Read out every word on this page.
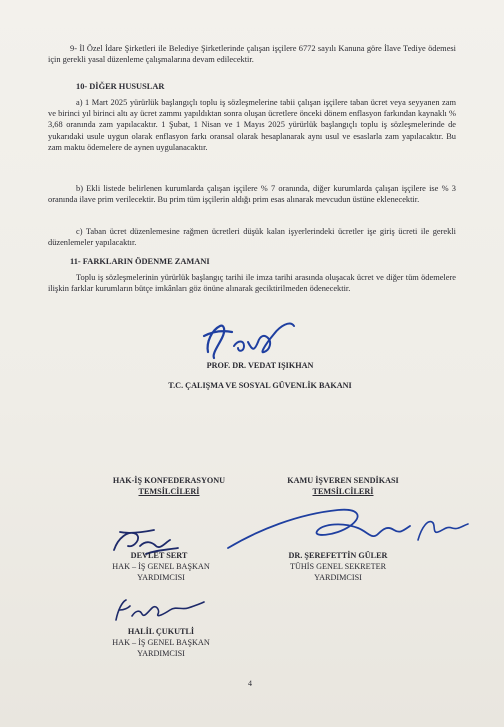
9- İl Özel İdare Şirketleri ile Belediye Şirketlerinde çalışan işçilere 6772 sayılı Kanuna göre İlave Tediye ödemesi için gerekli yasal düzenleme çalışmalarına devam edilecektir.
10- DİĞER HUSUSLAR
a) 1 Mart 2025 yürürlük başlangıçlı toplu iş sözleşmelerine tabii çalışan işçilere taban ücret veya seyyanen zam ve birinci yıl birinci altı ay ücret zammı yapıldıktan sonra oluşan ücretlere önceki dönem enflasyon farkından kaynaklı % 3,68 oranında zam yapılacaktır. 1 Şubat, 1 Nisan ve 1 Mayıs 2025 yürürlük başlangıçlı toplu iş sözleşmelerinde de yukarıdaki usule uygun olarak enflasyon farkı oransal olarak hesaplanarak aynı usul ve esaslarla zam yapılacaktır. Bu zam maktu ödemelere de aynen uygulanacaktır.
b) Ekli listede belirlenen kurumlarda çalışan işçilere % 7 oranında, diğer kurumlarda çalışan işçilere ise % 3 oranında ilave prim verilecektir. Bu prim tüm işçilerin aldığı prim esas alınarak mevcudun üstüne eklenecektir.
c) Taban ücret düzenlemesine rağmen ücretleri düşük kalan işyerlerindeki ücretler işe giriş ücreti ile gerekli düzenlemeler yapılacaktır.
11- FARKLARIN ÖDENME ZAMANI
Toplu iş sözleşmelerinin yürürlük başlangıç tarihi ile imza tarihi arasında oluşacak ücret ve diğer tüm ödemelere ilişkin farklar kurumların bütçe imkânları göz önüne alınarak geciktirilmeden ödenecektir.
PROF. DR. VEDAT IŞIKHAN
T.C. ÇALIŞMA VE SOSYAL GÜVENLİK BAKANI
HAK-İŞ KONFEDERASYONU
TEMSİLCİLERİ
DEVLET SERT
HAK – İŞ GENEL BAŞKAN
YARDIMCISI
HALİL ÇUKUTLİ
HAK – İŞ GENEL BAŞKAN
YARDIMCISI
KAMU İŞVEREN SENDİKASI
TEMSİLCİLERİ
DR. ŞEREFETTİN GÜLER
TÜHİS GENEL SEKRETER
YARDIMCISI
4
